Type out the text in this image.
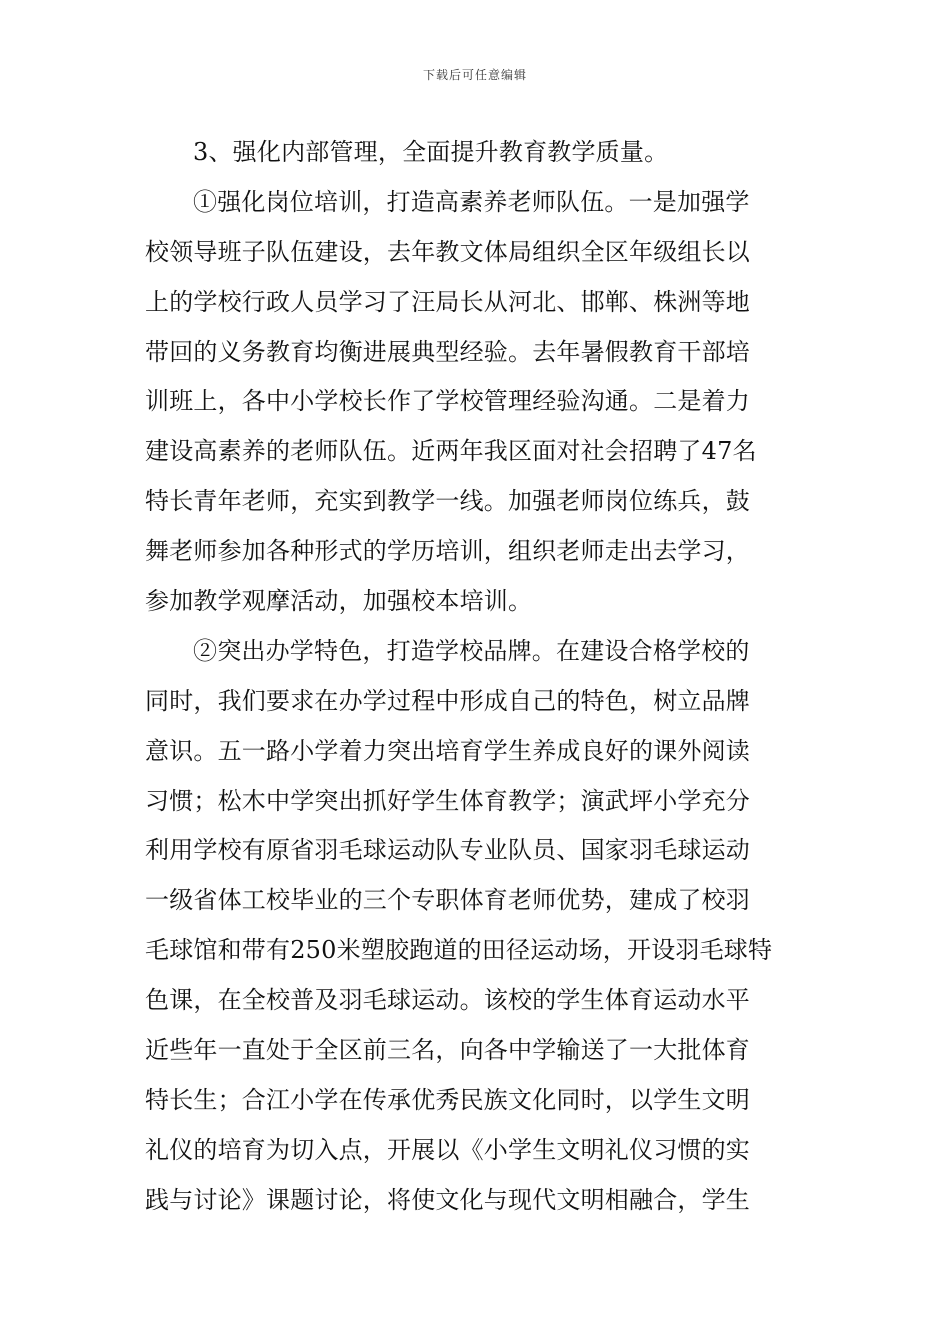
下载后可任意编辑
3、强化内部管理，全面提升教育教学质量。
①强化岗位培训，打造高素养老师队伍。一是加强学
校领导班子队伍建设，去年教文体局组织全区年级组长以
上的学校行政人员学习了汪局长从河北、邯郸、株洲等地
带回的义务教育均衡进展典型经验。去年暑假教育干部培
训班上，各中小学校长作了学校管理经验沟通。二是着力
建设高素养的老师队伍。近两年我区面对社会招聘了47名
特长青年老师，充实到教学一线。加强老师岗位练兵，鼓
舞老师参加各种形式的学历培训，组织老师走出去学习，
参加教学观摩活动，加强校本培训。
②突出办学特色，打造学校品牌。在建设合格学校的
同时，我们要求在办学过程中形成自己的特色，树立品牌
意识。五一路小学着力突出培育学生养成良好的课外阅读
习惯；松木中学突出抓好学生体育教学；演武坪小学充分
利用学校有原省羽毛球运动队专业队员、国家羽毛球运动
一级省体工校毕业的三个专职体育老师优势，建成了校羽
毛球馆和带有250米塑胶跑道的田径运动场，开设羽毛球特
色课，在全校普及羽毛球运动。该校的学生体育运动水平
近些年一直处于全区前三名，向各中学输送了一大批体育
特长生；合江小学在传承优秀民族文化同时，以学生文明
礼仪的培育为切入点，开展以《小学生文明礼仪习惯的实
践与讨论》课题讨论，将使文化与现代文明相融合，学生
